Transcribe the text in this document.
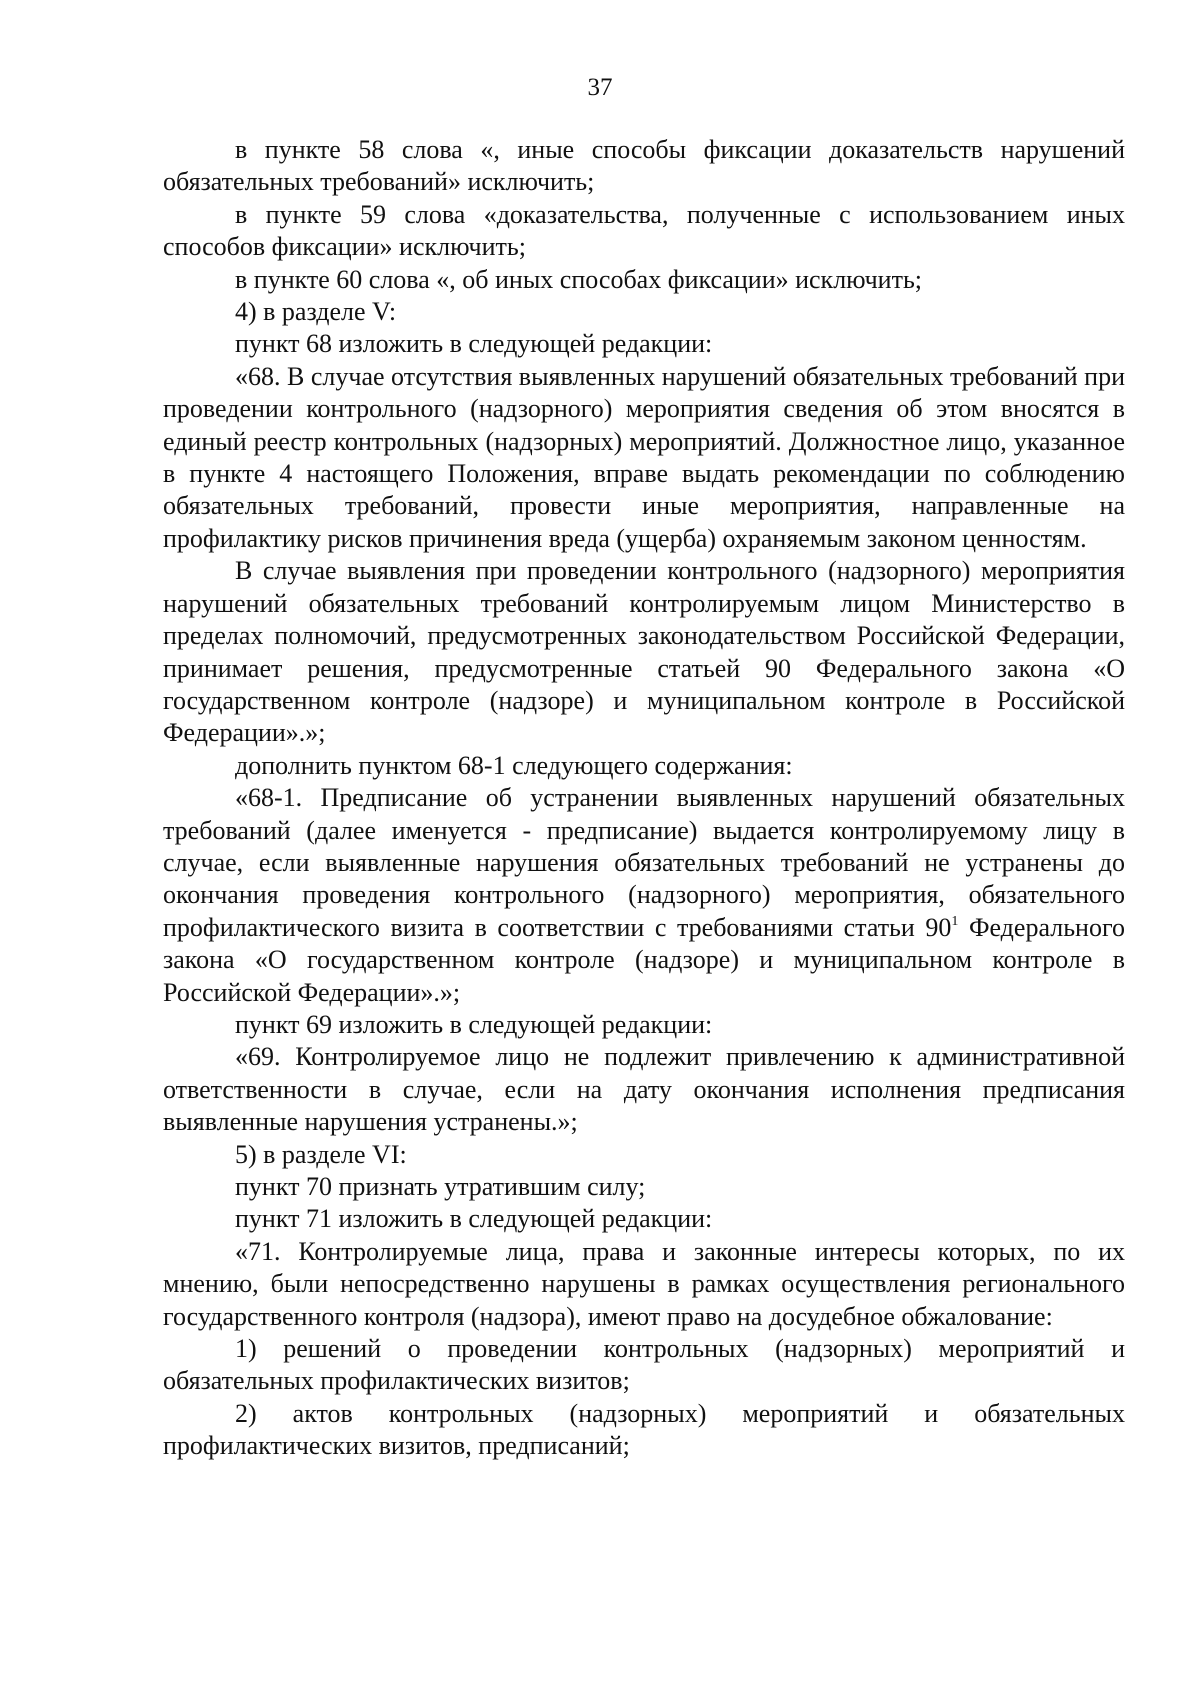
37

в пункте 58 слова «, иные способы фиксации доказательств нарушений обязательных требований» исключить;

в пункте 59 слова «доказательства, полученные с использованием иных способов фиксации» исключить;

в пункте 60 слова «, об иных способах фиксации» исключить;

4) в разделе V:

пункт 68 изложить в следующей редакции:

«68. В случае отсутствия выявленных нарушений обязательных требований при проведении контрольного (надзорного) мероприятия сведения об этом вносятся в единый реестр контрольных (надзорных) мероприятий. Должностное лицо, указанное в пункте 4 настоящего Положения, вправе выдать рекомендации по соблюдению обязательных требований, провести иные мероприятия, направленные на профилактику рисков причинения вреда (ущерба) охраняемым законом ценностям.

В случае выявления при проведении контрольного (надзорного) мероприятия нарушений обязательных требований контролируемым лицом Министерство в пределах полномочий, предусмотренных законодательством Российской Федерации, принимает решения, предусмотренные статьей 90 Федерального закона «О государственном контроле (надзоре) и муниципальном контроле в Российской Федерации».»;

дополнить пунктом 68-1 следующего содержания:

«68-1. Предписание об устранении выявленных нарушений обязательных требований (далее именуется - предписание) выдается контролируемому лицу в случае, если выявленные нарушения обязательных требований не устранены до окончания проведения контрольного (надзорного) мероприятия, обязательного профилактического визита в соответствии с требованиями статьи $90^1$ Федерального закона «О государственном контроле (надзоре) и муниципальном контроле в Российской Федерации».»;

пункт 69 изложить в следующей редакции:

«69. Контролируемое лицо не подлежит привлечению к административной ответственности в случае, если на дату окончания исполнения предписания выявленные нарушения устранены.»;

5) в разделе VI:

пункт 70 признать утратившим силу;

пункт 71 изложить в следующей редакции:

«71. Контролируемые лица, права и законные интересы которых, по их мнению, были непосредственно нарушены в рамках осуществления регионального государственного контроля (надзора), имеют право на досудебное обжалование:

1) решений о проведении контрольных (надзорных) мероприятий и обязательных профилактических визитов;

2) актов контрольных (надзорных) мероприятий и обязательных профилактических визитов, предписаний;
